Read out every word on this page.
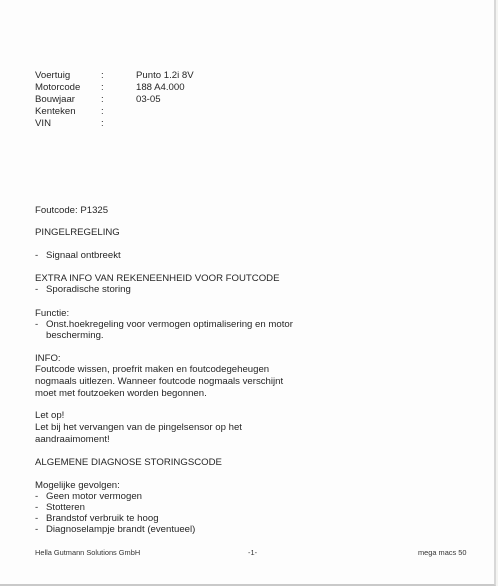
Voertuig	:	Punto 1.2i 8V
Motorcode :	188 A4.000
Bouwjaar	:	03-05
Kenteken	:
VIN	:
Foutcode: P1325
PINGELREGELING
- Signaal ontbreekt
EXTRA INFO VAN REKENEENHEID VOOR FOUTCODE
- Sporadische storing
Functie:
- Onst.hoekregeling voor vermogen optimalisering en motor
bescherming.
INFO:
Foutcode wissen, proefrit maken en foutcodegeheugen
nogmaals uitlezen. Wanneer foutcode nogmaals verschijnt
moet met foutzoeken worden begonnen.
Let op!
Let bij het vervangen van de pingelsensor op het
aandraaimoment!
ALGEMENE DIAGNOSE STORINGSCODE
Mogelijke gevolgen:
- Geen motor vermogen
- Stotteren
- Brandstof verbruik te hoog
- Diagnoselampje brandt (eventueel)
Hella Gutmann Solutions GmbH	-1-	mega macs 50
